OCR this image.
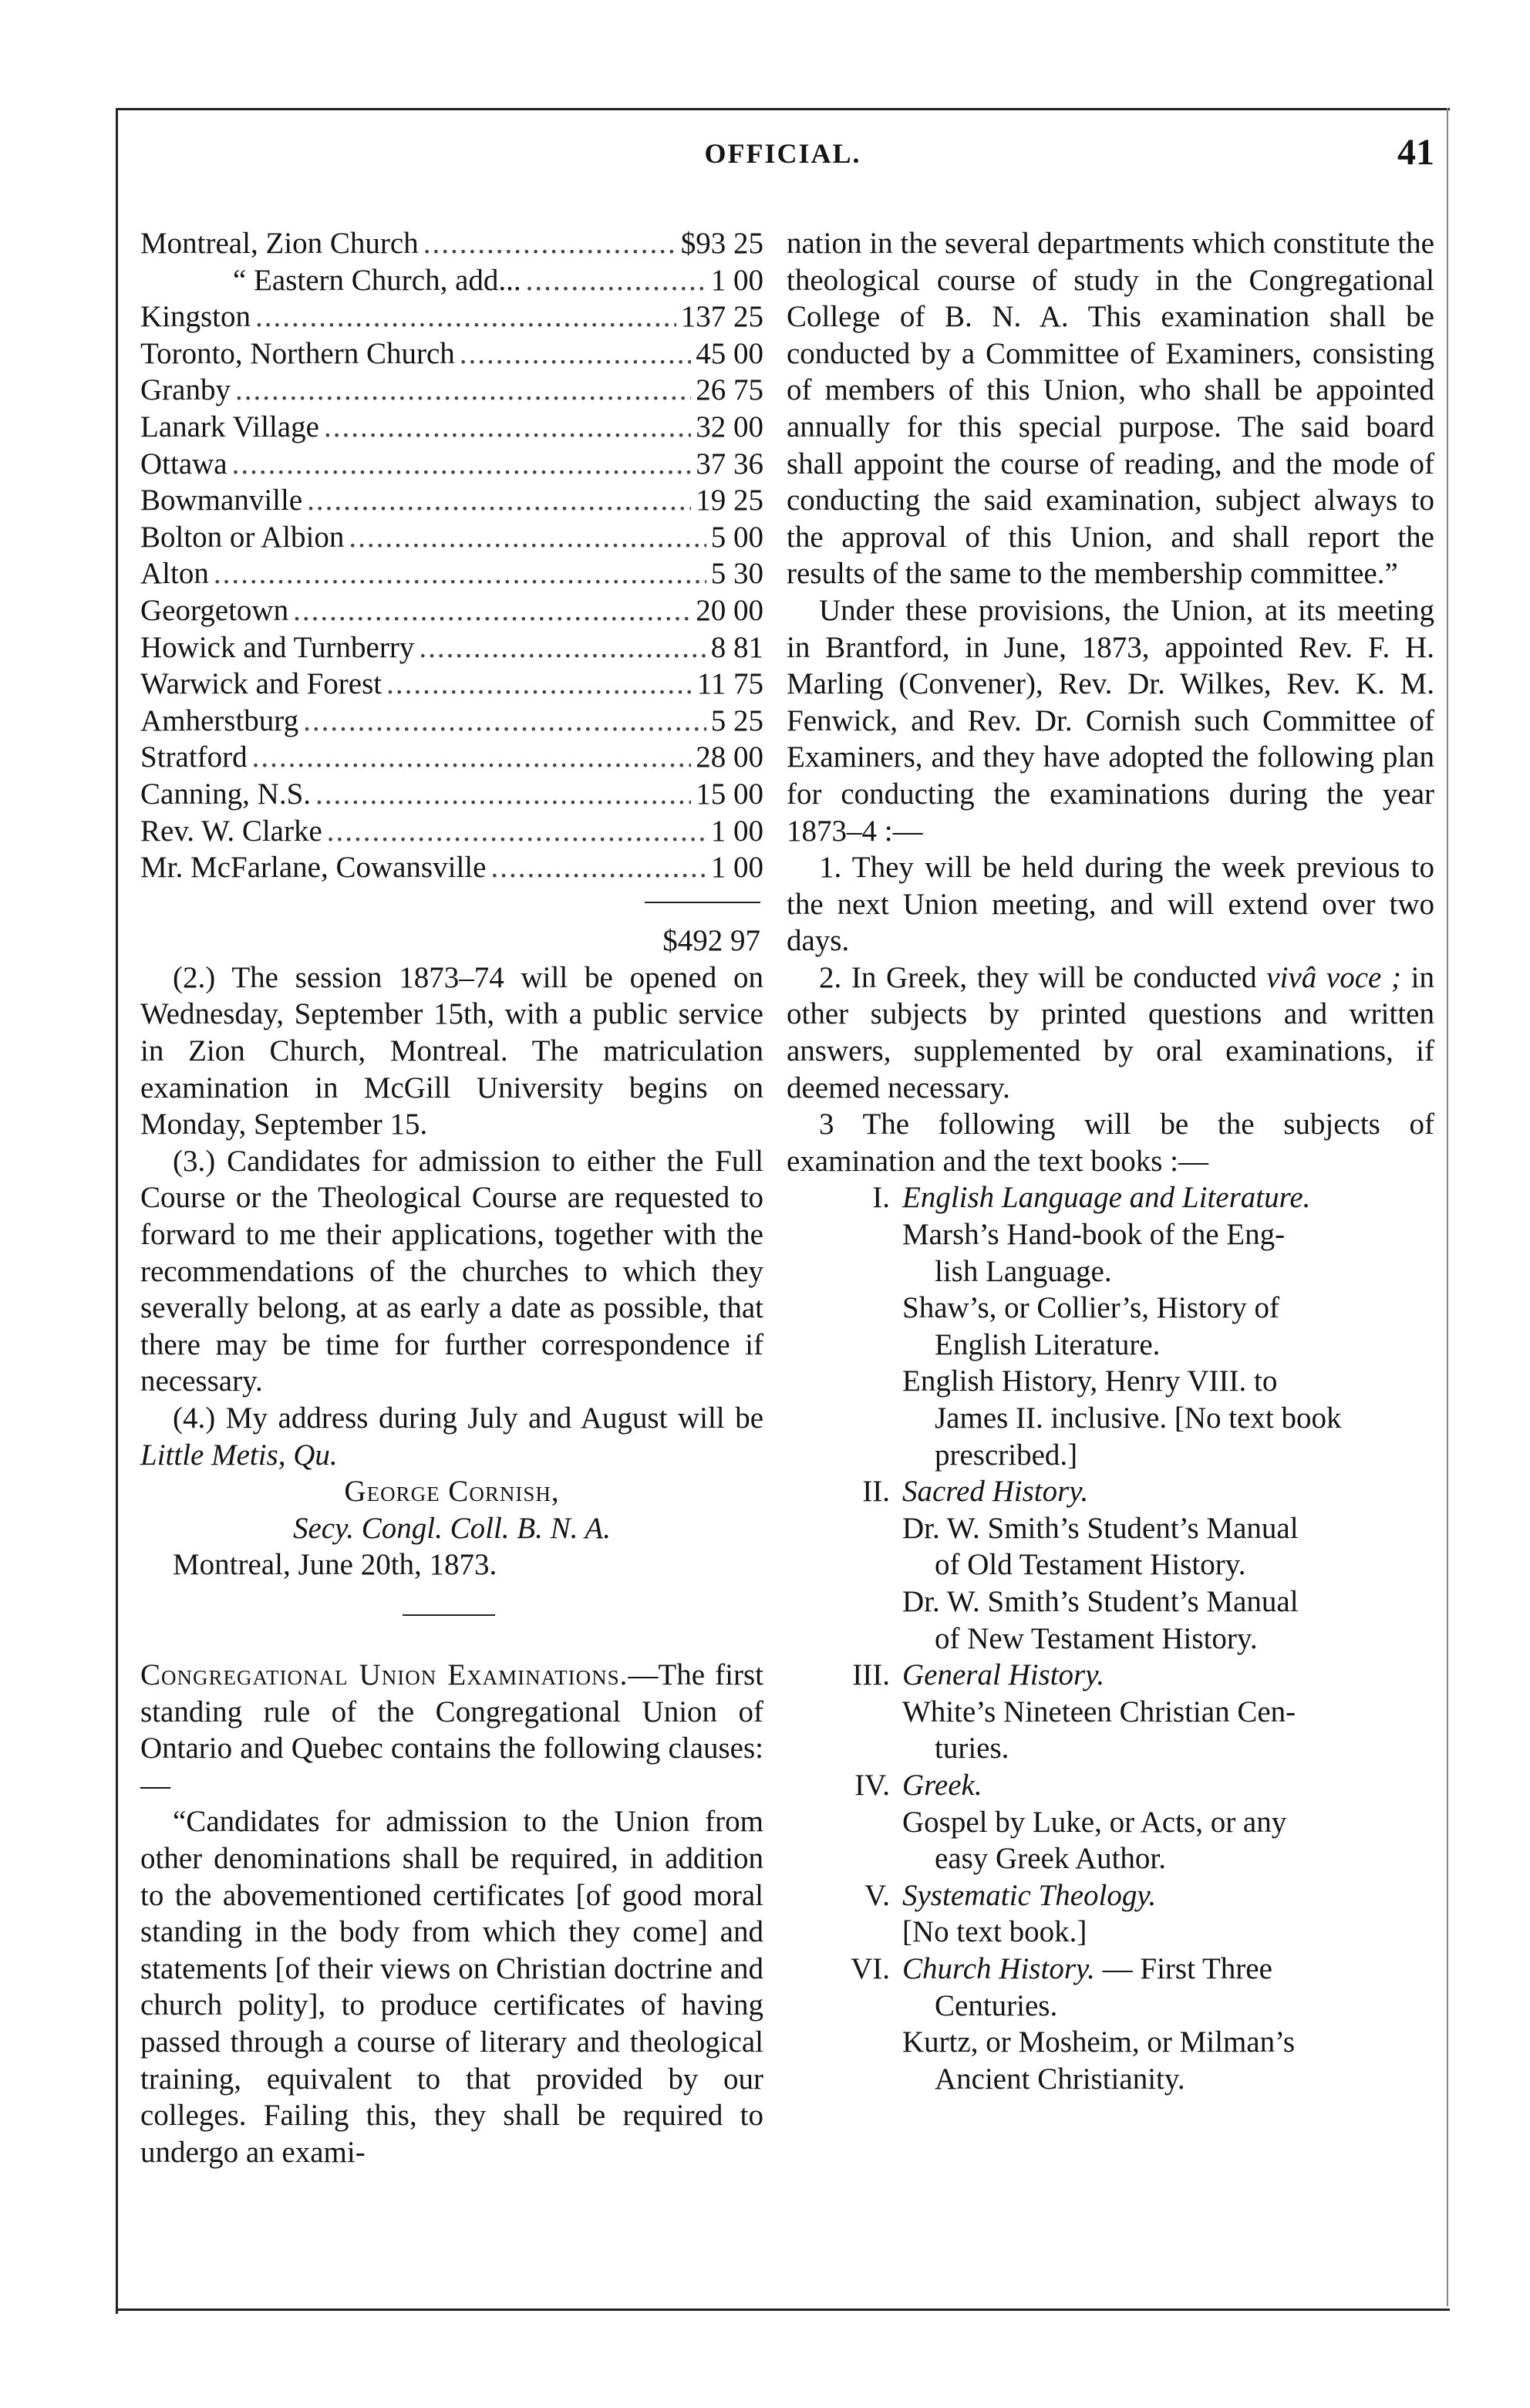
OFFICIAL.	41
Montreal, Zion Church .....	$93 25
“ Eastern Church, add... .....	1 00
Kingston .....	137 25
Toronto, Northern Church .....	45 00
Granby .....	26 75
Lanark Village .....	32 00
Ottawa .....	37 36
Bowmanville .....	19 25
Bolton or Albion .....	5 00
Alton .....	5 30
Georgetown .....	20 00
Howick and Turnberry .....	8 81
Warwick and Forest .....	11 75
Amherstburg .....	5 25
Stratford .....	28 00
Canning, N.S. .....	15 00
Rev. W. Clarke .....	1 00
Mr. McFarlane, Cowansville .....	1 00
$492 97

(2.) The session 1873–74 will be opened on Wednesday, September 15th, with a public service in Zion Church, Montreal. The matriculation examination in McGill University begins on Monday, September 15.

(3.) Candidates for admission to either the Full Course or the Theological Course are requested to forward to me their applications, together with the recommendations of the churches to which they severally belong, at as early a date as possible, that there may be time for further correspondence if necessary.

(4.) My address during July and August will be Little Metis, Qu.

George Cornish,

Secy. Congl. Coll. B. N. A.

Montreal, June 20th, 1873.

Congregational Union Examinations.—The first standing rule of the Congregational Union of Ontario and Quebec contains the following clauses:—

“Candidates for admission to the Union from other denominations shall be required, in addition to the abovementioned certificates [of good moral standing in the body from which they come] and statements [of their views on Christian doctrine and church polity], to produce certificates of having passed through a course of literary and theological training, equivalent to that provided by our colleges. Failing this, they shall be required to undergo an exami-

nation in the several departments which constitute the theological course of study in the Congregational College of B. N. A. This examination shall be conducted by a Committee of Examiners, consisting of members of this Union, who shall be appointed annually for this special purpose. The said board shall appoint the course of reading, and the mode of conducting the said examination, subject always to the approval of this Union, and shall report the results of the same to the membership committee.”

Under these provisions, the Union, at its meeting in Brantford, in June, 1873, appointed Rev. F. H. Marling (Convener), Rev. Dr. Wilkes, Rev. K. M. Fenwick, and Rev. Dr. Cornish such Committee of Examiners, and they have adopted the following plan for conducting the examinations during the year 1873–4 :—

1. They will be held during the week previous to the next Union meeting, and will extend over two days.

2. In Greek, they will be conducted vivâ voce ; in other subjects by printed questions and written answers, supplemented by oral examinations, if deemed necessary.

3 The following will be the subjects of examination and the text books :—

I. English Language and Literature.
Marsh’s Hand-book of the Eng-
lish Language.
Shaw’s, or Collier’s, History of
English Literature.
English History, Henry VIII. to
James II. inclusive. [No text book prescribed.]
II. Sacred History.
Dr. W. Smith’s Student’s Manual
of Old Testament History.
Dr. W. Smith’s Student’s Manual
of New Testament History.
III. General History.
White’s Nineteen Christian Cen-
turies.
IV. Greek.
Gospel by Luke, or Acts, or any
easy Greek Author.
V. Systematic Theology.
[No text book.]
VI. Church History. — First Three
Centuries.
Kurtz, or Mosheim, or Milman’s
Ancient Christianity.
